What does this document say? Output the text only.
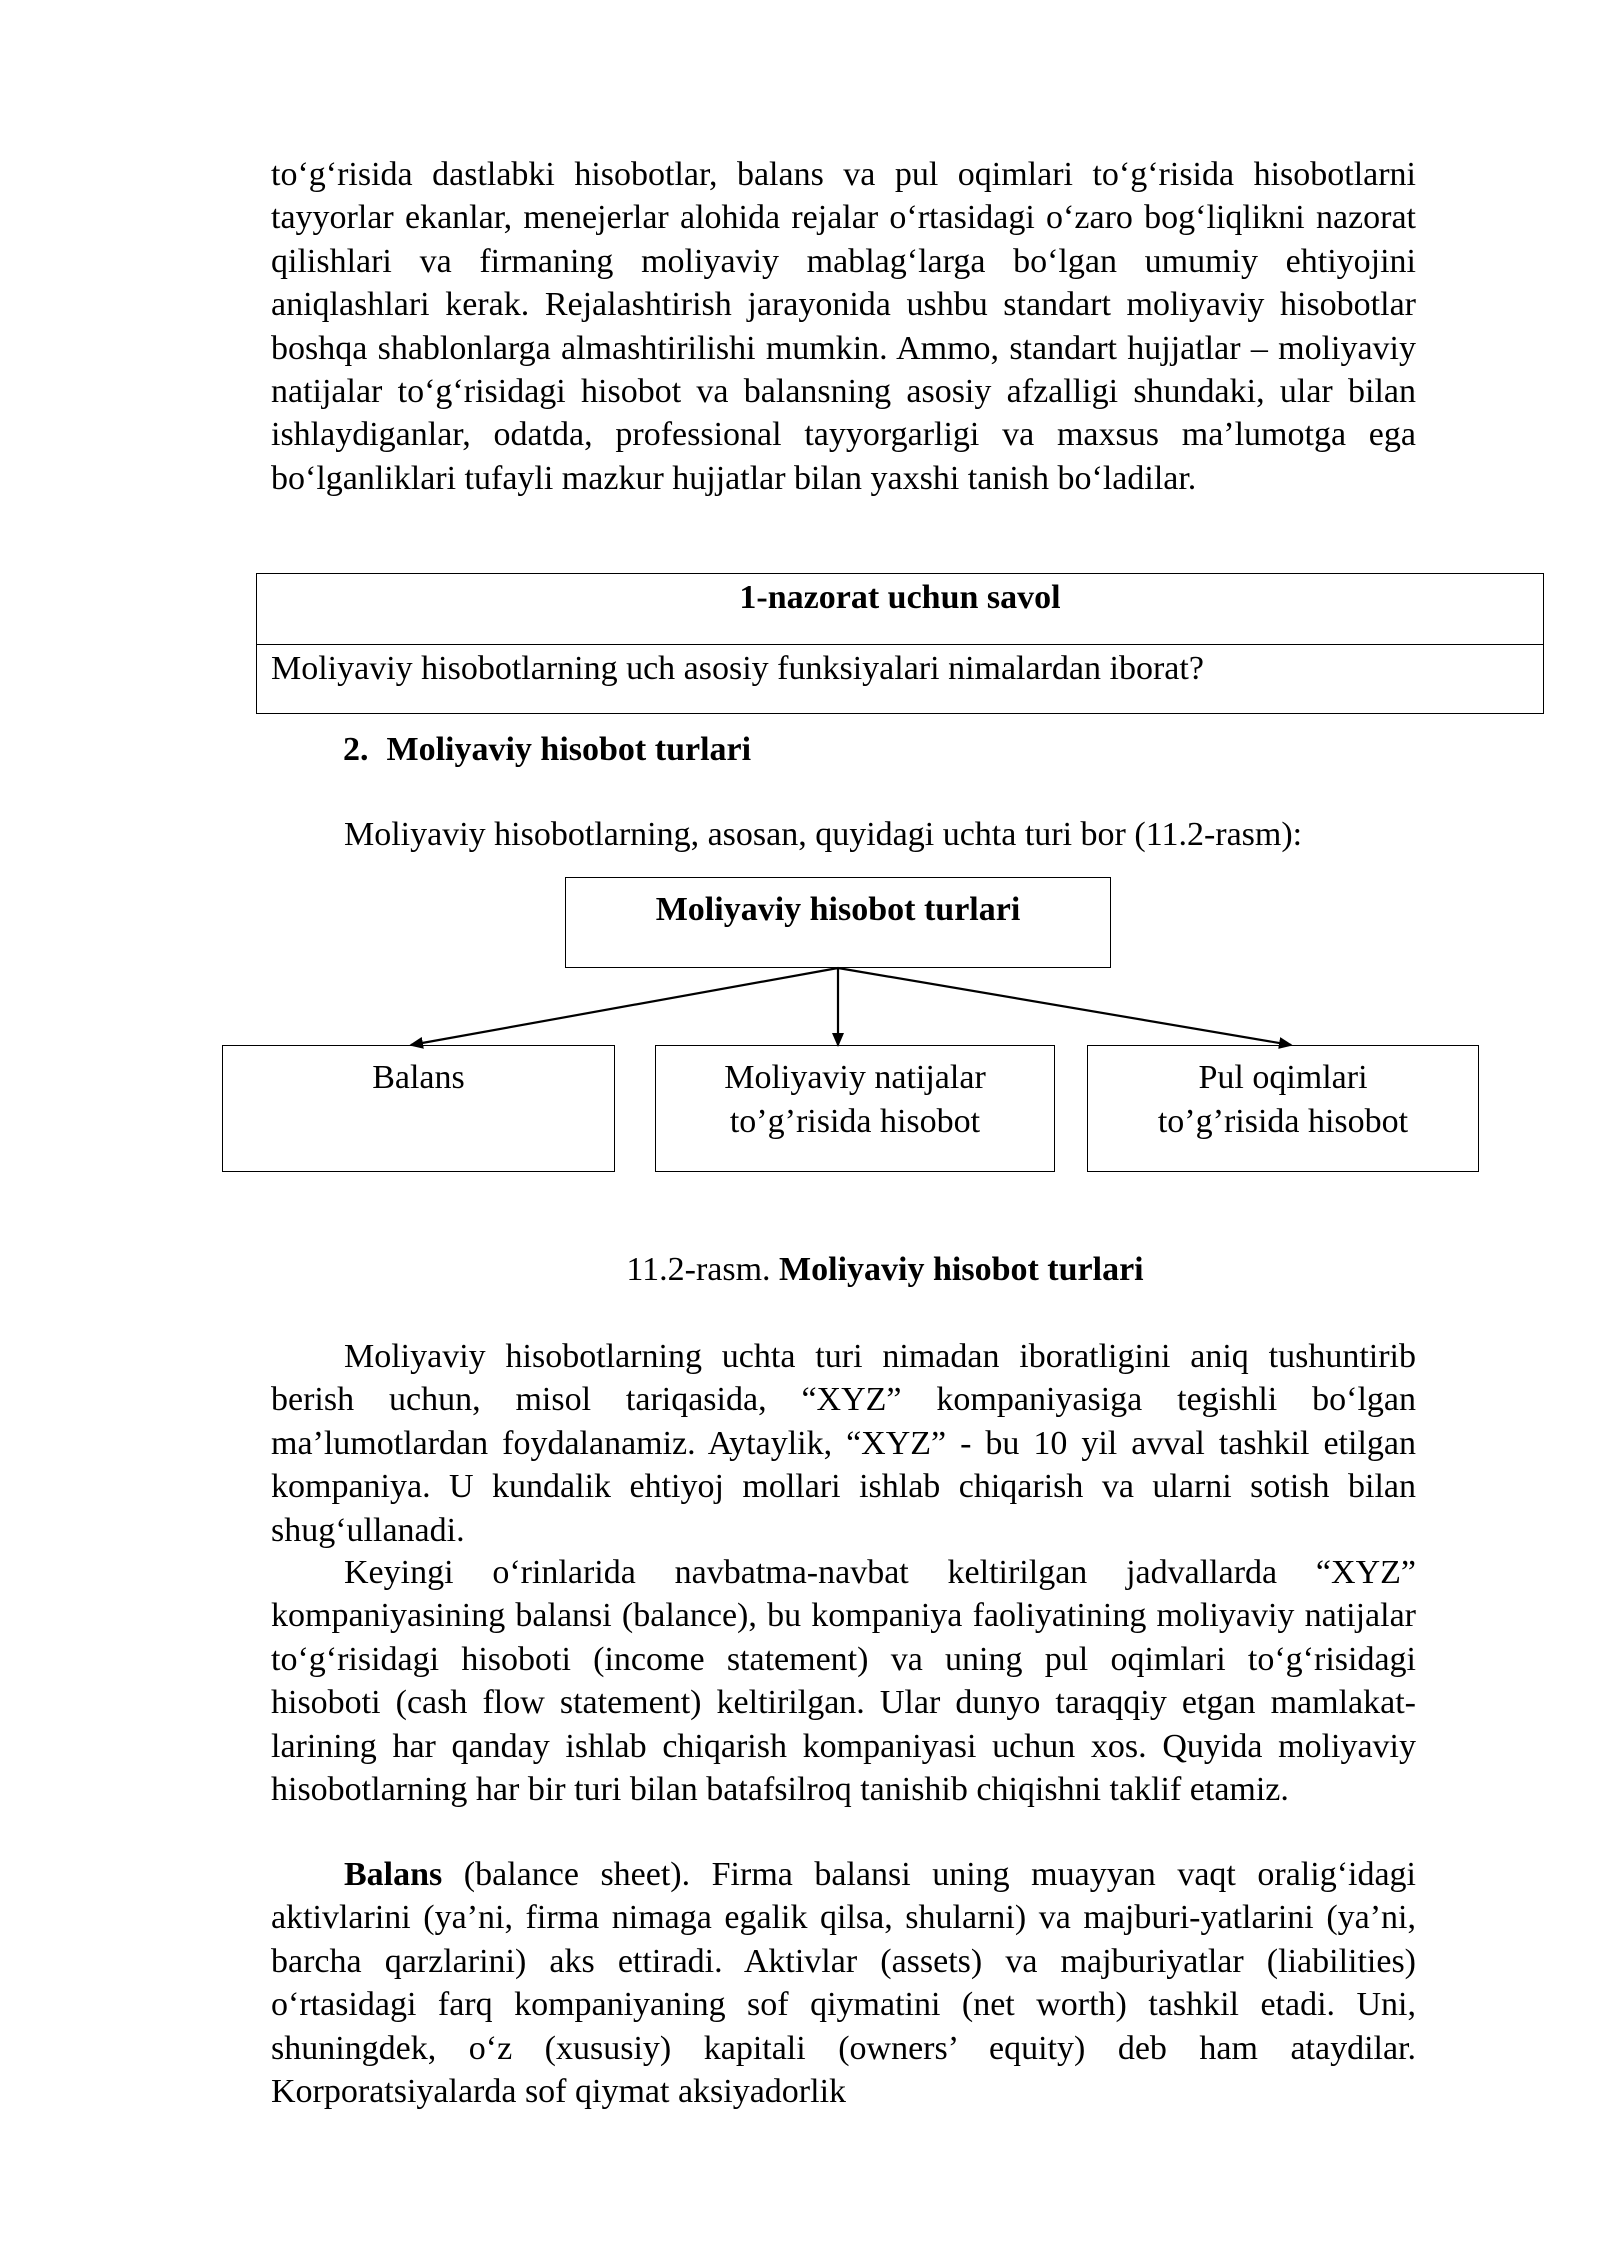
to‘g‘risida dastlabki hisobotlar, balans va pul oqimlari to‘g‘risida hisobotlarni tayyorlar ekanlar, menejerlar alohida rejalar o‘rtasidagi o‘zaro bog‘liqlikni nazorat qilishlari va firmaning moliyaviy mablag‘larga bo‘lgan umumiy ehtiyojini aniqlashlari kerak. Rejalashtirish jarayonida ushbu standart moliyaviy hisobotlar boshqa shablonlarga almashtirilishi mumkin. Ammo, standart hujjatlar – moliyaviy natijalar to‘g‘risidagi hisobot va balansning asosiy afzalligi shundaki, ular bilan ishlaydiganlar, odatda, professional tayyorgarligi va maxsus ma’lumotga ega bo‘lganliklari tufayli mazkur hujjatlar bilan yaxshi tanish bo‘ladilar.

1-nazorat uchun savol
Moliyaviy hisobotlarning uch asosiy funksiyalari nimalardan iborat?

2. Moliyaviy hisobot turlari

Moliyaviy hisobotlarning, asosan, quyidagi uchta turi bor (11.2-rasm):

Moliyaviy hisobot turlari
Balans	Moliyaviy natijalar
to’g’risida hisobot
Pul oqimlari
to’g’risida hisobot

11.2-rasm. Moliyaviy hisobot turlari

Moliyaviy hisobotlarning uchta turi nimadan iboratligini aniq tushuntirib berish uchun, misol tariqasida, “XYZ” kompaniyasiga tegishli bo‘lgan ma’lumotlardan foydalanamiz. Aytaylik, “XYZ” - bu 10 yil avval tashkil etilgan kompaniya. U kundalik ehtiyoj mollari ishlab chiqarish va ularni sotish bilan shug‘ullanadi.

Keyingi o‘rinlarida navbatma-navbat keltirilgan jadvallarda “XYZ” kompaniyasining balansi (balance), bu kompaniya faoliyatining moliyaviy natijalar to‘g‘risidagi hisoboti (income statement) va uning pul oqimlari to‘g‘risidagi hisoboti (cash flow statement) keltirilgan. Ular dunyo taraqqiy etgan mamlakat- larining har qanday ishlab chiqarish kompaniyasi uchun xos. Quyida moliyaviy hisobotlarning har bir turi bilan batafsilroq tanishib chiqishni taklif etamiz.

Balans (balance sheet). Firma balansi uning muayyan vaqt oralig‘idagi aktivlarini (ya’ni, firma nimaga egalik qilsa, shularni) va majburi-yatlarini (ya’ni, barcha qarzlarini) aks ettiradi. Aktivlar (assets) va majburiyatlar (liabilities) o‘rtasidagi farq kompaniyaning sof qiymatini (net worth) tashkil etadi. Uni, shuningdek, o‘z (xususiy) kapitali (owners’ equity) deb ham ataydilar. Korporatsiyalarda sof qiymat aksiyadorlik
